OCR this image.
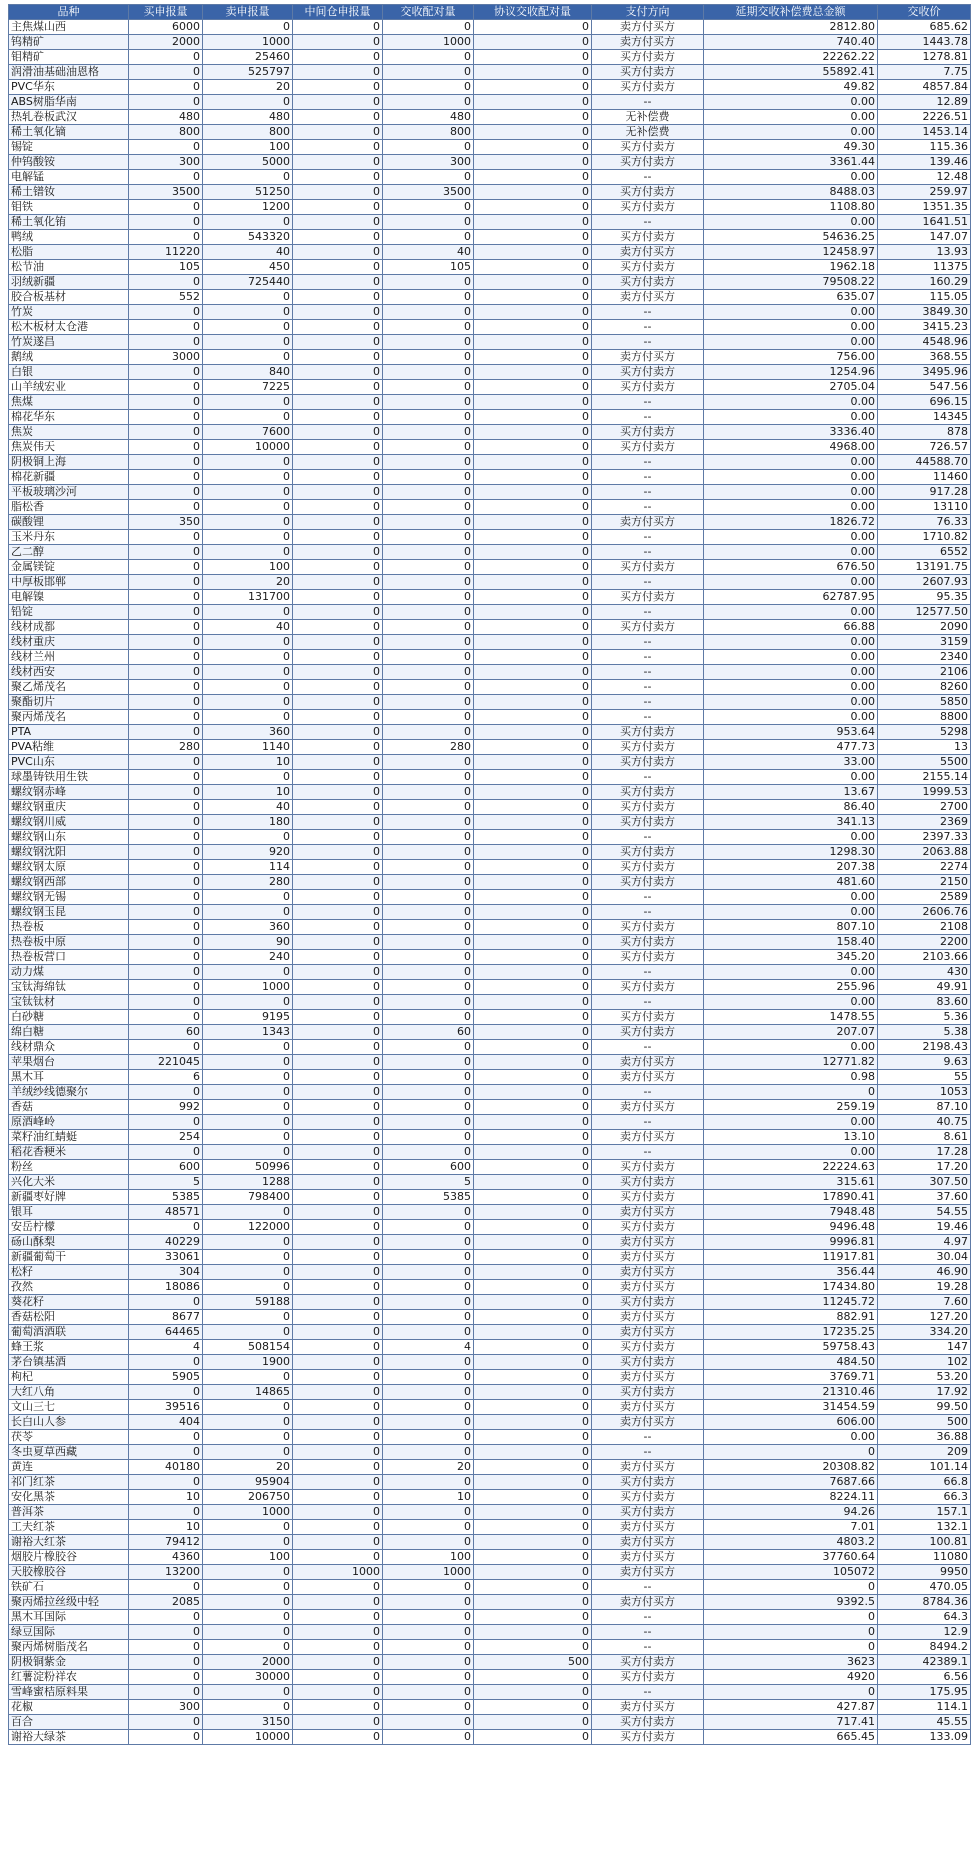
品种	买申报量	卖申报量	中间仓申报量	交收配对量	协议交收配对量	支付方向	延期交收补偿费总金额	交收价
主焦煤山西	6000	0	0	0	0	卖方付买方	2812.80	685.62
钨精矿	2000	1000	0	1000	0	卖方付买方	740.40	1443.78
钼精矿	0	25460	0	0	0	买方付卖方	22262.22	1278.81
润滑油基础油恩格	0	525797	0	0	0	买方付卖方	55892.41	7.75
PVC华东	0	20	0	0	0	买方付卖方	49.82	4857.84
ABS树脂华南	0	0	0	0	0	--	0.00	12.89
热轧卷板武汉	480	480	0	480	0	无补偿费	0.00	2226.51
稀土氧化镝	800	800	0	800	0	无补偿费	0.00	1453.14
锡锭	0	100	0	0	0	买方付卖方	49.30	115.36
仲钨酸铵	300	5000	0	300	0	买方付卖方	3361.44	139.46
电解锰	0	0	0	0	0	--	0.00	12.48
稀土镨钕	3500	51250	0	3500	0	买方付卖方	8488.03	259.97
钼铁	0	1200	0	0	0	买方付卖方	1108.80	1351.35
稀土氧化铕	0	0	0	0	0	--	0.00	1641.51
鸭绒	0	543320	0	0	0	买方付卖方	54636.25	147.07
松脂	11220	40	0	40	0	卖方付买方	12458.97	13.93
松节油	105	450	0	105	0	买方付卖方	1962.18	11375
羽绒新疆	0	725440	0	0	0	买方付卖方	79508.22	160.29
胶合板基材	552	0	0	0	0	卖方付买方	635.07	115.05
竹炭	0	0	0	0	0	--	0.00	3849.30
松木板材太仓港	0	0	0	0	0	--	0.00	3415.23
竹炭遂昌	0	0	0	0	0	--	0.00	4548.96
鹅绒	3000	0	0	0	0	卖方付买方	756.00	368.55
白银	0	840	0	0	0	买方付卖方	1254.96	3495.96
山羊绒宏业	0	7225	0	0	0	买方付卖方	2705.04	547.56
焦煤	0	0	0	0	0	--	0.00	696.15
棉花华东	0	0	0	0	0	--	0.00	14345
焦炭	0	7600	0	0	0	买方付卖方	3336.40	878
焦炭伟天	0	10000	0	0	0	买方付卖方	4968.00	726.57
阴极铜上海	0	0	0	0	0	--	0.00	44588.70
棉花新疆	0	0	0	0	0	--	0.00	11460
平板玻璃沙河	0	0	0	0	0	--	0.00	917.28
脂松香	0	0	0	0	0	--	0.00	13110
碳酸锂	350	0	0	0	0	卖方付买方	1826.72	76.33
玉米丹东	0	0	0	0	0	--	0.00	1710.82
乙二醇	0	0	0	0	0	--	0.00	6552
金属镁锭	0	100	0	0	0	买方付卖方	676.50	13191.75
中厚板邯郸	0	20	0	0	0	--	0.00	2607.93
电解镍	0	131700	0	0	0	买方付卖方	62787.95	95.35
铅锭	0	0	0	0	0	--	0.00	12577.50
线材成都	0	40	0	0	0	买方付卖方	66.88	2090
线材重庆	0	0	0	0	0	--	0.00	3159
线材兰州	0	0	0	0	0	--	0.00	2340
线材西安	0	0	0	0	0	--	0.00	2106
聚乙烯茂名	0	0	0	0	0	--	0.00	8260
聚酯切片	0	0	0	0	0	--	0.00	5850
聚丙烯茂名	0	0	0	0	0	--	0.00	8800
PTA	0	360	0	0	0	买方付卖方	953.64	5298
PVA粘维	280	1140	0	280	0	买方付卖方	477.73	13
PVC山东	0	10	0	0	0	买方付卖方	33.00	5500
球墨铸铁用生铁	0	0	0	0	0	--	0.00	2155.14
螺纹钢赤峰	0	10	0	0	0	买方付卖方	13.67	1999.53
螺纹钢重庆	0	40	0	0	0	买方付卖方	86.40	2700
螺纹钢川威	0	180	0	0	0	买方付卖方	341.13	2369
螺纹钢山东	0	0	0	0	0	--	0.00	2397.33
螺纹钢沈阳	0	920	0	0	0	买方付卖方	1298.30	2063.88
螺纹钢太原	0	114	0	0	0	买方付卖方	207.38	2274
螺纹钢西部	0	280	0	0	0	买方付卖方	481.60	2150
螺纹钢无锡	0	0	0	0	0	--	0.00	2589
螺纹钢玉昆	0	0	0	0	0	--	0.00	2606.76
热卷板	0	360	0	0	0	买方付卖方	807.10	2108
热卷板中原	0	90	0	0	0	买方付卖方	158.40	2200
热卷板营口	0	240	0	0	0	买方付卖方	345.20	2103.66
动力煤	0	0	0	0	0	--	0.00	430
宝钛海绵钛	0	1000	0	0	0	买方付卖方	255.96	49.91
宝钛钛材	0	0	0	0	0	--	0.00	83.60
白砂糖	0	9195	0	0	0	买方付卖方	1478.55	5.36
绵白糖	60	1343	0	60	0	买方付卖方	207.07	5.38
线材鼎众	0	0	0	0	0	--	0.00	2198.43
苹果烟台	221045	0	0	0	0	卖方付买方	12771.82	9.63
黑木耳	6	0	0	0	0	卖方付买方	0.98	55
羊绒纱线德聚尔	0	0	0	0	0	--	0	1053
香菇	992	0	0	0	0	卖方付买方	259.19	87.10
原酒峰岭	0	0	0	0	0	--	0.00	40.75
菜籽油红蜻蜓	254	0	0	0	0	卖方付买方	13.10	8.61
稻花香粳米	0	0	0	0	0	--	0.00	17.28
粉丝	600	50996	0	600	0	买方付卖方	22224.63	17.20
兴化大米	5	1288	0	5	0	买方付卖方	315.61	307.50
新疆枣好牌	5385	798400	0	5385	0	买方付卖方	17890.41	37.60
银耳	48571	0	0	0	0	卖方付买方	7948.48	54.55
安岳柠檬	0	122000	0	0	0	买方付卖方	9496.48	19.46
砀山酥梨	40229	0	0	0	0	卖方付买方	9996.81	4.97
新疆葡萄干	33061	0	0	0	0	卖方付买方	11917.81	30.04
松籽	304	0	0	0	0	卖方付买方	356.44	46.90
孜然	18086	0	0	0	0	卖方付买方	17434.80	19.28
葵花籽	0	59188	0	0	0	买方付卖方	11245.72	7.60
香菇松阳	8677	0	0	0	0	卖方付买方	882.91	127.20
葡萄酒酒联	64465	0	0	0	0	卖方付买方	17235.25	334.20
蜂王浆	4	508154	0	4	0	买方付卖方	59758.43	147
茅台镇基酒	0	1900	0	0	0	买方付卖方	484.50	102
枸杞	5905	0	0	0	0	卖方付买方	3769.71	53.20
大红八角	0	14865	0	0	0	买方付卖方	21310.46	17.92
文山三七	39516	0	0	0	0	卖方付买方	31454.59	99.50
长白山人参	404	0	0	0	0	卖方付买方	606.00	500
茯苓	0	0	0	0	0	--	0.00	36.88
冬虫夏草西藏	0	0	0	0	0	--	0	209
黄连	40180	20	0	20	0	卖方付买方	20308.82	101.14
祁门红茶	0	95904	0	0	0	买方付卖方	7687.66	66.8
安化黑茶	10	206750	0	10	0	买方付卖方	8224.11	66.3
普洱茶	0	1000	0	0	0	买方付卖方	94.26	157.1
工夫红茶	10	0	0	0	0	卖方付买方	7.01	132.1
谢裕大红茶	79412	0	0	0	0	卖方付买方	4803.2	100.81
烟胶片橡胶谷	4360	100	0	100	0	卖方付买方	37760.64	11080
天胶橡胶谷	13200	0	1000	1000	0	卖方付买方	105072	9950
铁矿石	0	0	0	0	0	--	0	470.05
聚丙烯拉丝级中轻	2085	0	0	0	0	卖方付买方	9392.5	8784.36
黑木耳国际	0	0	0	0	0	--	0	64.3
绿豆国际	0	0	0	0	0	--	0	12.9
聚丙烯树脂茂名	0	0	0	0	0	--	0	8494.2
阴极铜紫金	0	2000	0	0	500	买方付卖方	3623	42389.1
红薯淀粉祥农	0	30000	0	0	0	买方付卖方	4920	6.56
雪峰蜜桔原料果	0	0	0	0	0	--	0	175.95
花椒	300	0	0	0	0	卖方付买方	427.87	114.1
百合	0	3150	0	0	0	买方付卖方	717.41	45.55
谢裕大绿茶	0	10000	0	0	0	买方付卖方	665.45	133.09
